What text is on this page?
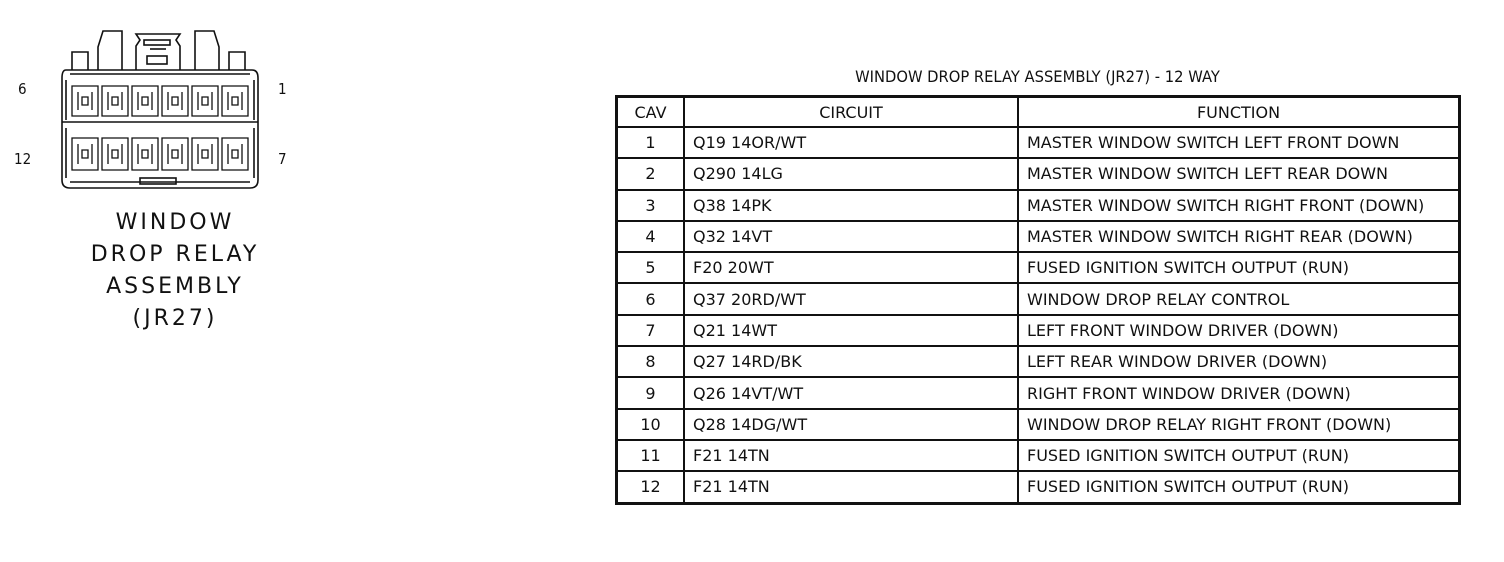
6	1
12	7
WINDOW
DROP RELAY
ASSEMBLY
(JR27)
WINDOW DROP RELAY ASSEMBLY (JR27) - 12 WAY
CAV	CIRCUIT	FUNCTION
1	Q19 14OR/WT	MASTER WINDOW SWITCH LEFT FRONT DOWN
2	Q290 14LG	MASTER WINDOW SWITCH LEFT REAR DOWN
3	Q38 14PK	MASTER WINDOW SWITCH RIGHT FRONT (DOWN)
4	Q32 14VT	MASTER WINDOW SWITCH RIGHT REAR (DOWN)
5	F20 20WT	FUSED IGNITION SWITCH OUTPUT (RUN)
6	Q37 20RD/WT	WINDOW DROP RELAY CONTROL
7	Q21 14WT	LEFT FRONT WINDOW DRIVER (DOWN)
8	Q27 14RD/BK	LEFT REAR WINDOW DRIVER (DOWN)
9	Q26 14VT/WT	RIGHT FRONT WINDOW DRIVER (DOWN)
10	Q28 14DG/WT	WINDOW DROP RELAY RIGHT FRONT (DOWN)
11	F21 14TN	FUSED IGNITION SWITCH OUTPUT (RUN)
12	F21 14TN	FUSED IGNITION SWITCH OUTPUT (RUN)
